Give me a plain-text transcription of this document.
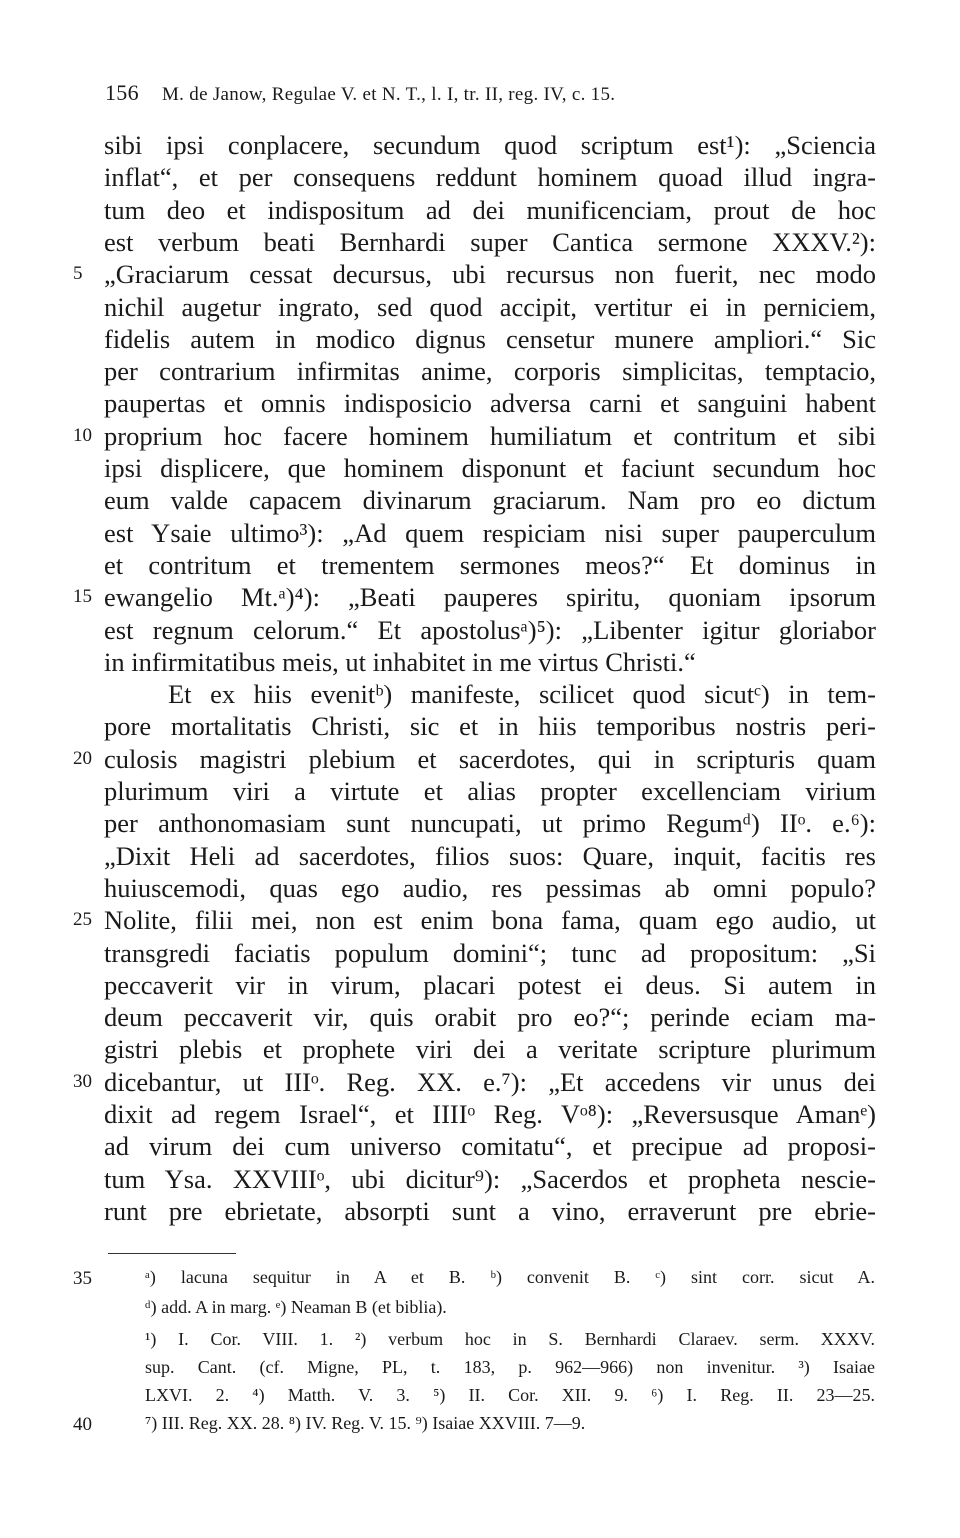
156 M. de Janow, Regulae V. et N. T., l. I, tr. II, reg. IV, c. 15.
sibi ipsi conplacere, secundum quod scriptum est¹): „Sciencia
inflat“, et per consequens reddunt hominem quoad illud ingra-
tum deo et indispositum ad dei munificenciam, prout de hoc
est verbum beati Bernhardi super Cantica sermone XXXV.²):
„Graciarum cessat decursus, ubi recursus non fuerit, nec modo
nichil augetur ingrato, sed quod accipit, vertitur ei in perniciem,
fidelis autem in modico dignus censetur munere ampliori.“ Sic
per contrarium infirmitas anime, corporis simplicitas, temptacio,
paupertas et omnis indisposicio adversa carni et sanguini habent
proprium hoc facere hominem humiliatum et contritum et sibi
ipsi displicere, que hominem disponunt et faciunt secundum hoc
eum valde capacem divinarum graciarum. Nam pro eo dictum
est Ysaie ultimo³): „Ad quem respiciam nisi super pauperculum
et contritum et trementem sermones meos?“ Et dominus in
ewangelio Mt.ᵃ)⁴): „Beati pauperes spiritu, quoniam ipsorum
est regnum celorum.“ Et apostolusᵃ)⁵): „Libenter igitur gloriabor
in infirmitatibus meis, ut inhabitet in me virtus Christi.“
Et ex hiis evenitᵇ) manifeste, scilicet quod sicutᶜ) in tem-
pore mortalitatis Christi, sic et in hiis temporibus nostris peri-
culosis magistri plebium et sacerdotes, qui in scripturis quam
plurimum viri a virtute et alias propter excellenciam virium
per anthonomasiam sunt nuncupati, ut primo Regumᵈ) IIᵒ. e.⁶):
„Dixit Heli ad sacerdotes, filios suos: Quare, inquit, facitis res
huiuscemodi, quas ego audio, res pessimas ab omni populo?
Nolite, filii mei, non est enim bona fama, quam ego audio, ut
transgredi faciatis populum domini“; tunc ad propositum: „Si
peccaverit vir in virum, placari potest ei deus. Si autem in
deum peccaverit vir, quis orabit pro eo?“; perinde eciam ma-
gistri plebis et prophete viri dei a veritate scripture plurimum
dicebantur, ut IIIᵒ. Reg. XX. e.⁷): „Et accedens vir unus dei
dixit ad regem Israel“, et IIIIᵒ Reg. Vᵒ⁸): „Reversusque Amanᵉ)
ad virum dei cum universo comitatu“, et precipue ad proposi-
tum Ysa. XXVIIIᵒ, ubi dicitur⁹): „Sacerdos et propheta nescie-
runt pre ebrietate, absorpti sunt a vino, erraverunt pre ebrie-
5
10
15
20
25
30
ᵃ) lacuna sequitur in A et B. ᵇ) convenit B. ᶜ) sint corr. sicut A.
ᵈ) add. A in marg. ᵉ) Neaman B (et biblia).
¹) I. Cor. VIII. 1. ²) verbum hoc in S. Bernhardi Claraev. serm. XXXV.
sup. Cant. (cf. Migne, PL, t. 183, p. 962—966) non invenitur. ³) Isaiae
LXVI. 2. ⁴) Matth. V. 3. ⁵) II. Cor. XII. 9. ⁶) I. Reg. II. 23—25.
⁷) III. Reg. XX. 28. ⁸) IV. Reg. V. 15. ⁹) Isaiae XXVIII. 7—9.
35
40
